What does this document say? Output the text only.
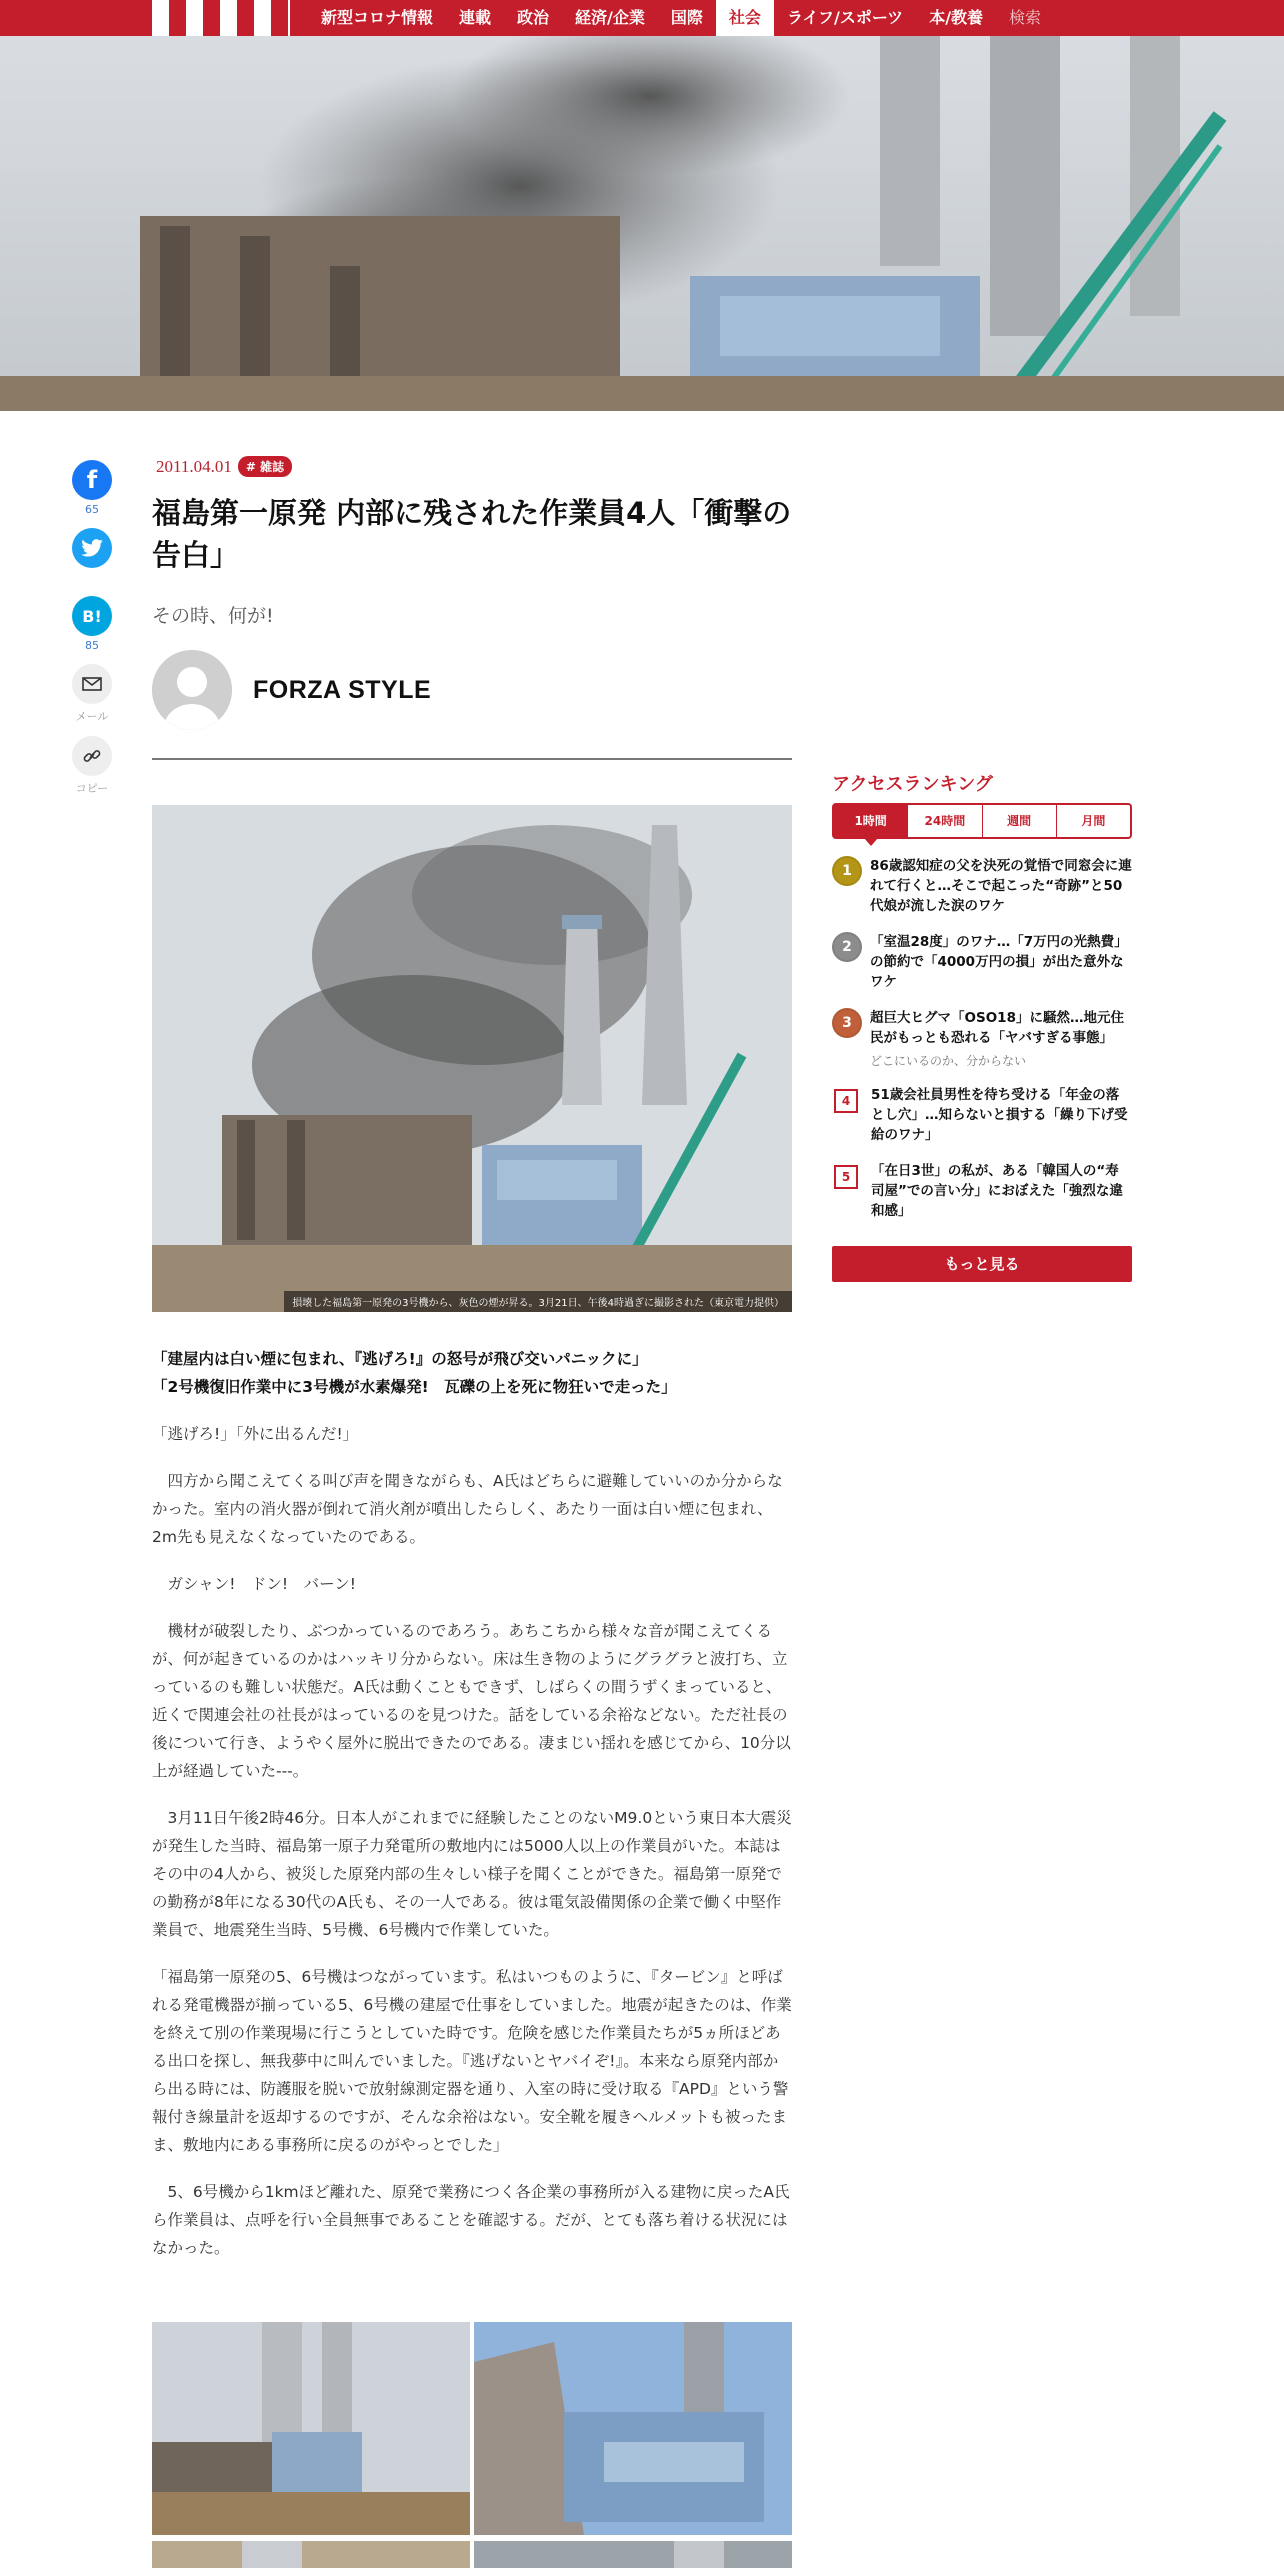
新型コロナ情報	連載	政治	経済/企業	国際	社会	ライフ/スポーツ	本/教養	検索
f
65
B!
85
メール
コピー
2011.04.01	# 雑誌
福島第一原発 内部に残された作業員4人「衝撃の告白」
その時、何が!
FORZA STYLE
損壊した福島第一原発の3号機から、灰色の煙が昇る。3月21日、午後4時過ぎに撮影された（東京電力提供）

「建屋内は白い煙に包まれ、『逃げろ!』の怒号が飛び交いパニックに」
「2号機復旧作業中に3号機が水素爆発!　瓦礫の上を死に物狂いで走った」

「逃げろ!」「外に出るんだ!」

　四方から聞こえてくる叫び声を聞きながらも、A氏はどちらに避難していいのか分からなかった。室内の消火器が倒れて消火剤が噴出したらしく、あたり一面は白い煙に包まれ、2m先も見えなくなっていたのである。

　ガシャン!　ドン!　バーン!

　機材が破裂したり、ぶつかっているのであろう。あちこちから様々な音が聞こえてくるが、何が起きているのかはハッキリ分からない。床は生き物のようにグラグラと波打ち、立っているのも難しい状態だ。A氏は動くこともできず、しばらくの間うずくまっていると、近くで関連会社の社長がはっているのを見つけた。話をしている余裕などない。ただ社長の後について行き、ようやく屋外に脱出できたのである。凄まじい揺れを感じてから、10分以上が経過していた---。

　3月11日午後2時46分。日本人がこれまでに経験したことのないM9.0という東日本大震災が発生した当時、福島第一原子力発電所の敷地内には5000人以上の作業員がいた。本誌はその中の4人から、被災した原発内部の生々しい様子を聞くことができた。福島第一原発での勤務が8年になる30代のA氏も、その一人である。彼は電気設備関係の企業で働く中堅作業員で、地震発生当時、5号機、6号機内で作業していた。

「福島第一原発の5、6号機はつながっています。私はいつものように、『タービン』と呼ばれる発電機器が揃っている5、6号機の建屋で仕事をしていました。地震が起きたのは、作業を終えて別の作業現場に行こうとしていた時です。危険を感じた作業員たちが5ヵ所ほどある出口を探し、無我夢中に叫んでいました。『逃げないとヤバイぞ!』。本来なら原発内部から出る時には、防護服を脱いで放射線測定器を通り、入室の時に受け取る『APD』という警報付き線量計を返却するのですが、そんな余裕はない。安全靴を履きヘルメットも被ったまま、敷地内にある事務所に戻るのがやっとでした」

　5、6号機から1kmほど離れた、原発で業務につく各企業の事務所が入る建物に戻ったA氏ら作業員は、点呼を行い全員無事であることを確認する。だが、とても落ち着ける状況にはなかった。

アクセスランキング
1時間	24時間	週間	月間
1	86歳認知症の父を決死の覚悟で同窓会に連れて行くと…そこで起こった“奇跡”と50代娘が流した涙のワケ
2	「室温28度」のワナ…「7万円の光熱費」の節約で「4000万円の損」が出た意外なワケ
3	超巨大ヒグマ「OSO18」に騒然…地元住民がもっとも恐れる「ヤバすぎる事態」
どこにいるのか、分からない
4	51歳会社員男性を待ち受ける「年金の落とし穴」…知らないと損する「繰り下げ受給のワナ」
5	「在日3世」の私が、ある「韓国人の“寿司屋”での言い分」におぼえた「強烈な違和感」
もっと見る
